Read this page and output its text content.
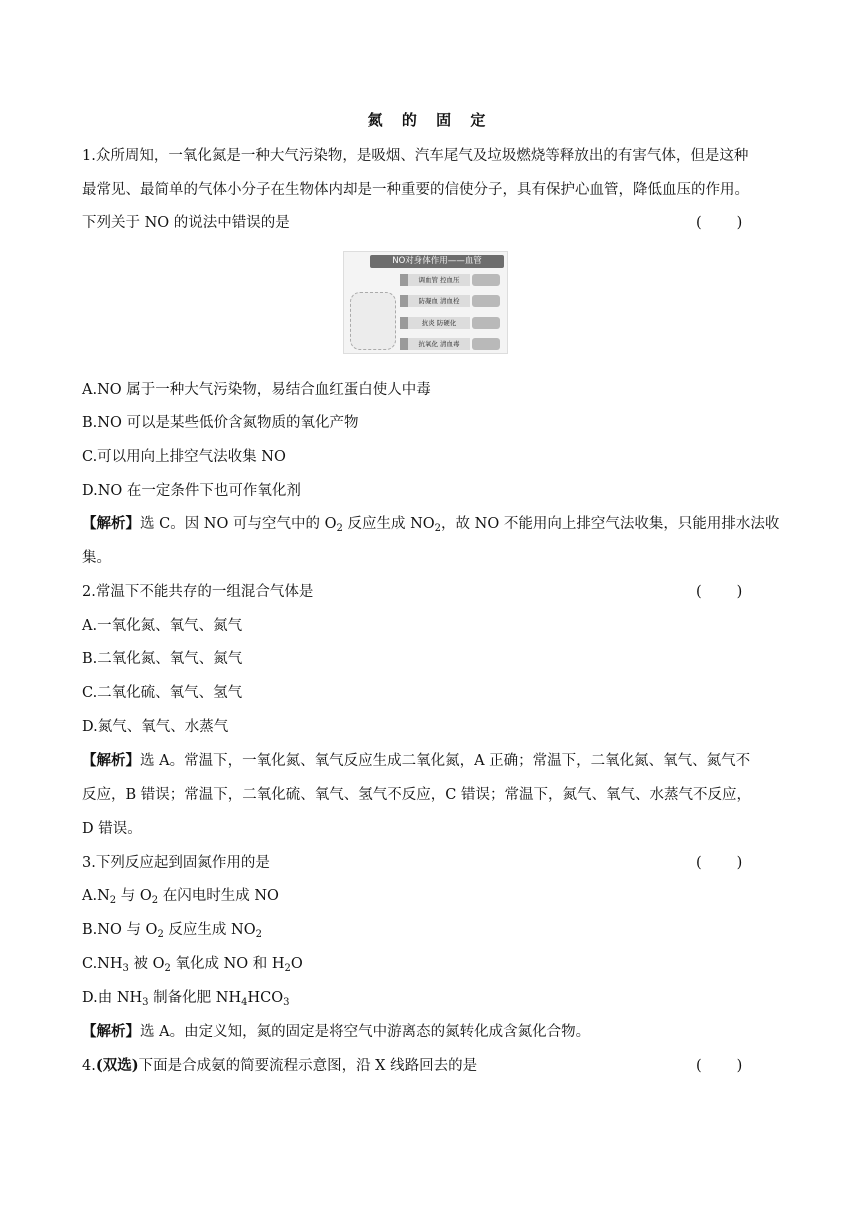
氮 的 固 定
1.众所周知，一氧化氮是一种大气污染物，是吸烟、汽车尾气及垃圾燃烧等释放出的有害气体，但是这种
最常见、最简单的气体小分子在生物体内却是一种重要的信使分子，具有保护心血管，降低血压的作用。
下列关于 NO 的说法中错误的是	(　　)
NO对身体作用——血管
调血管 控血压
防凝血 清血栓
抗炎 防硬化
抗氧化 清血毒
A.NO 属于一种大气污染物，易结合血红蛋白使人中毒
B.NO 可以是某些低价含氮物质的氧化产物
C.可以用向上排空气法收集 NO
D.NO 在一定条件下也可作氧化剂
【解析】选 C。因 NO 可与空气中的 $O_2$ 反应生成 $NO_2$，故 NO 不能用向上排空气法收集，只能用排水法收
集。
2.常温下不能共存的一组混合气体是	(　　)
A.一氧化氮、氧气、氮气
B.二氧化氮、氧气、氮气
C.二氧化硫、氧气、氢气
D.氮气、氧气、水蒸气
【解析】选 A。常温下，一氧化氮、氧气反应生成二氧化氮，A 正确；常温下，二氧化氮、氧气、氮气不
反应，B 错误；常温下，二氧化硫、氧气、氢气不反应，C 错误；常温下，氮气、氧气、水蒸气不反应，
D 错误。
3.下列反应起到固氮作用的是	(　　)
$A.N_2$ 与 $O_2$ 在闪电时生成 NO
B.NO 与 $O_2$ 反应生成 $NO_2$
$C.NH_3$ 被 $O_2$ 氧化成 NO 和 $H_2O$
D.由 $NH_3$ 制备化肥 $NH_4HCO_3$
【解析】选 A。由定义知，氮的固定是将空气中游离态的氮转化成含氮化合物。
4.(双选)下面是合成氨的简要流程示意图，沿 X 线路回去的是	(　　)
